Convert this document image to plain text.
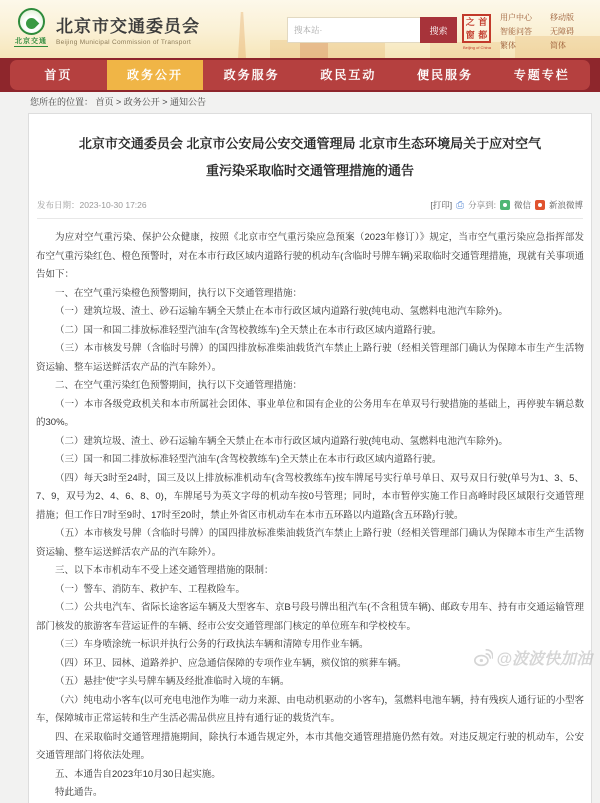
北京交通
北京市交通委员会
Beijing Municipal Commission of Transport
搜本站·
搜索
之 首
窗 都
Beijing of China
用户中心
智能问答
繁体
移动版
无障碍
简体
首页	政务公开	政务服务	政民互动	便民服务	专题专栏
您所在的位置： 首页 > 政务公开 > 通知公告
北京市交通委员会 北京市公安局公安交通管理局 北京市生态环境局关于应对空气重污染采取临时交通管理措施的通告
发布日期：2023-10-30 17:26	[打印] ⎙ 分享到: 微信 新浪微博

为应对空气重污染、保护公众健康，按照《北京市空气重污染应急预案（2023年修订）》规定，当市空气重污染应急指挥部发布空气重污染红色、橙色预警时，对在本市行政区域内道路行驶的机动车(含临时号牌车辆)采取临时交通管理措施，现就有关事项通告如下：

一、在空气重污染橙色预警期间，执行以下交通管理措施：

（一）建筑垃圾、渣土、砂石运输车辆全天禁止在本市行政区域内道路行驶(纯电动、氢燃料电池汽车除外)。

（二）国一和国二排放标准轻型汽油车(含驾校教练车)全天禁止在本市行政区域内道路行驶。

（三）本市核发号牌（含临时号牌）的国四排放标准柴油载货汽车禁止上路行驶（经相关管理部门确认为保障本市生产生活物资运输、整车运送鲜活农产品的汽车除外）。

二、在空气重污染红色预警期间，执行以下交通管理措施：

（一）本市各级党政机关和本市所属社会团体、事业单位和国有企业的公务用车在单双号行驶措施的基础上，再停驶车辆总数的30%。

（二）建筑垃圾、渣土、砂石运输车辆全天禁止在本市行政区域内道路行驶(纯电动、氢燃料电池汽车除外)。

（三）国一和国二排放标准轻型汽油车(含驾校教练车)全天禁止在本市行政区域内道路行驶。

（四）每天3时至24时，国三及以上排放标准机动车(含驾校教练车)按车牌尾号实行单号单日、双号双日行驶(单号为1、3、5、7、9，双号为2、4、6、8、0)，车牌尾号为英文字母的机动车按0号管理；同时，本市暂停实施工作日高峰时段区域限行交通管理措施；但工作日7时至9时、17时至20时，禁止外省区市机动车在本市五环路以内道路(含五环路)行驶。

（五）本市核发号牌（含临时号牌）的国四排放标准柴油载货汽车禁止上路行驶（经相关管理部门确认为保障本市生产生活物资运输、整车运送鲜活农产品的汽车除外）。

三、以下本市机动车不受上述交通管理措施的限制：

（一）警车、消防车、救护车、工程救险车。

（二）公共电汽车、省际长途客运车辆及大型客车、京B号段号牌出租汽车(不含租赁车辆)、邮政专用车、持有市交通运输管理部门核发的旅游客车营运证件的车辆、经市公安交通管理部门核定的单位班车和学校校车。

（三）车身喷涂统一标识并执行公务的行政执法车辆和清障专用作业车辆。

（四）环卫、园林、道路养护、应急通信保障的专项作业车辆，殡仪馆的殡葬车辆。

（五）悬挂“使”字头号牌车辆及经批准临时入境的车辆。

（六）纯电动小客车(以可充电电池作为唯一动力来源、由电动机驱动的小客车)，氢燃料电池车辆，持有残疾人通行证的小型客车，保障城市正常运转和生产生活必需品供应且持有通行证的载货汽车。

四、在采取临时交通管理措施期间，除执行本通告规定外，本市其他交通管理措施仍然有效。对违反规定行驶的机动车，公安交通管理部门将依法处理。

五、本通告自2023年10月30日起实施。

特此通告。

@波波快加油
